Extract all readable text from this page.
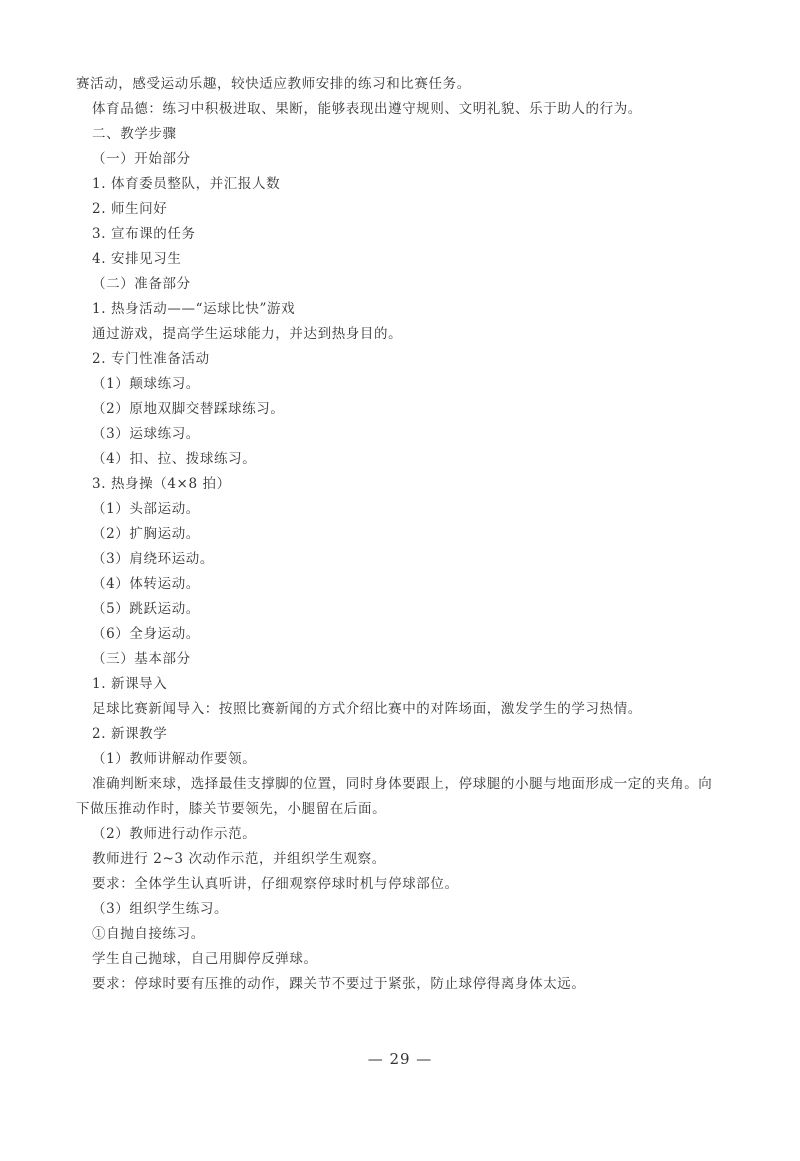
赛活动，感受运动乐趣，较快适应教师安排的练习和比赛任务。
体育品德：练习中积极进取、果断，能够表现出遵守规则、文明礼貌、乐于助人的行为。
二、教学步骤
（一）开始部分
1. 体育委员整队，并汇报人数
2. 师生问好
3. 宣布课的任务
4. 安排见习生
（二）准备部分
1. 热身活动——“运球比快”游戏
通过游戏，提高学生运球能力，并达到热身目的。
2. 专门性准备活动
（1）颠球练习。
（2）原地双脚交替踩球练习。
（3）运球练习。
（4）扣、拉、拨球练习。
3. 热身操（4×8 拍）
（1）头部运动。
（2）扩胸运动。
（3）肩绕环运动。
（4）体转运动。
（5）跳跃运动。
（6）全身运动。
（三）基本部分
1. 新课导入
足球比赛新闻导入：按照比赛新闻的方式介绍比赛中的对阵场面，激发学生的学习热情。
2. 新课教学
（1）教师讲解动作要领。
准确判断来球，选择最佳支撑脚的位置，同时身体要跟上，停球腿的小腿与地面形成一定的夹角。向
下做压推动作时，膝关节要领先，小腿留在后面。
（2）教师进行动作示范。
教师进行 2~3 次动作示范，并组织学生观察。
要求：全体学生认真听讲，仔细观察停球时机与停球部位。
（3）组织学生练习。
①自抛自接练习。
学生自己抛球，自己用脚停反弹球。
要求：停球时要有压推的动作，踝关节不要过于紧张，防止球停得离身体太远。
— 29 —
